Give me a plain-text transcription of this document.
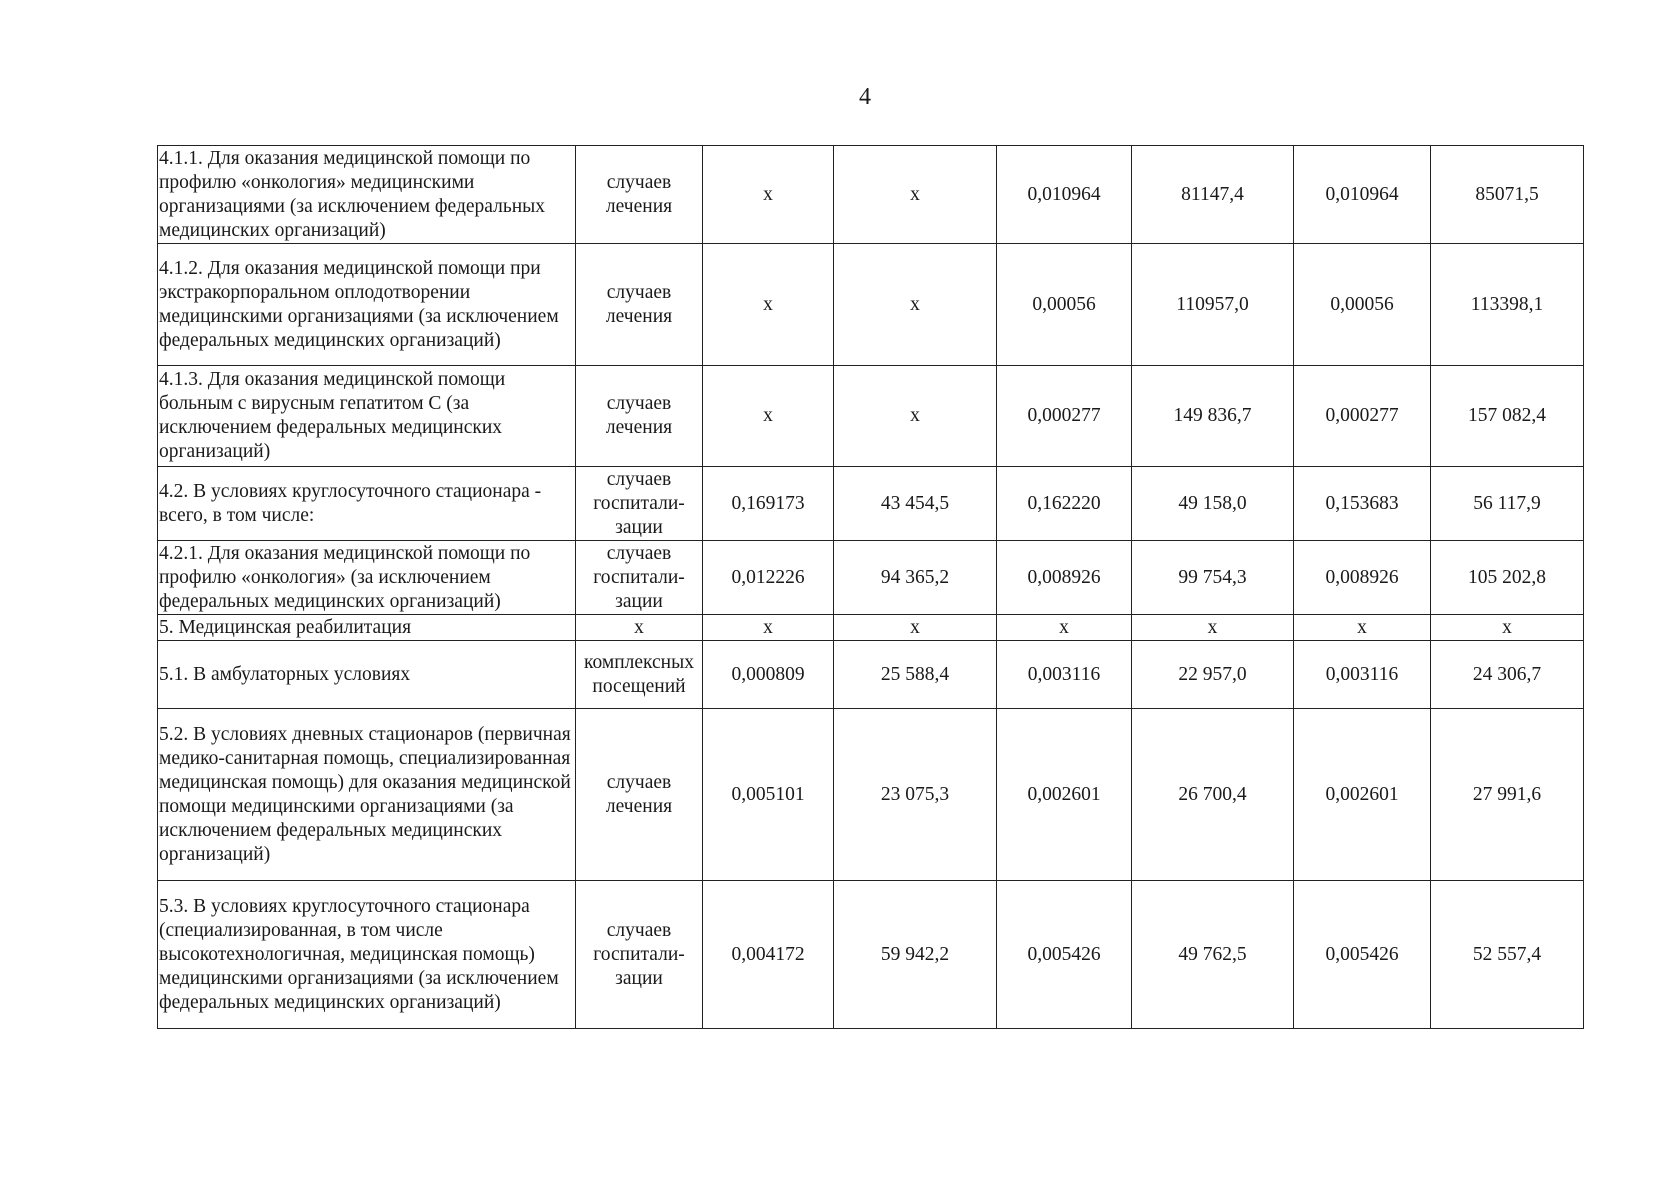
4
4.1.1. Для оказания медицинской помощи по профилю «онкология» медицинскими организациями (за исключением федеральных медицинских организаций)	случаев лечения	х	х	0,010964	81147,4	0,010964	85071,5
4.1.2. Для оказания медицинской помощи при экстракорпоральном оплодотворении медицинскими организациями (за исключением федеральных медицинских организаций)	случаев лечения	х	х	0,00056	110957,0	0,00056	113398,1
4.1.3. Для оказания медицинской помощи больным с вирусным гепатитом С (за исключением федеральных медицинских организаций)	случаев лечения	х	х	0,000277	149 836,7	0,000277	157 082,4
4.2. В условиях круглосуточного стационара - всего, в том числе:	случаев госпитали-зации	0,169173	43 454,5	0,162220	49 158,0	0,153683	56 117,9
4.2.1. Для оказания медицинской помощи по профилю «онкология» (за исключением федеральных медицинских организаций)	случаев госпитали-зации	0,012226	94 365,2	0,008926	99 754,3	0,008926	105 202,8
5. Медицинская реабилитация	х	х	х	х	х	х	х
5.1. В амбулаторных условиях	комплексных посещений	0,000809	25 588,4	0,003116	22 957,0	0,003116	24 306,7
5.2. В условиях дневных стационаров (первичная медико-санитарная помощь, специализированная медицинская помощь) для оказания медицинской помощи медицинскими организациями (за исключением федеральных медицинских организаций)	случаев лечения	0,005101	23 075,3	0,002601	26 700,4	0,002601	27 991,6
5.3. В условиях круглосуточного стационара (специализированная, в том числе высокотехнологичная, медицинская помощь) медицинскими организациями (за исключением федеральных медицинских организаций)	случаев госпитали-зации	0,004172	59 942,2	0,005426	49 762,5	0,005426	52 557,4
